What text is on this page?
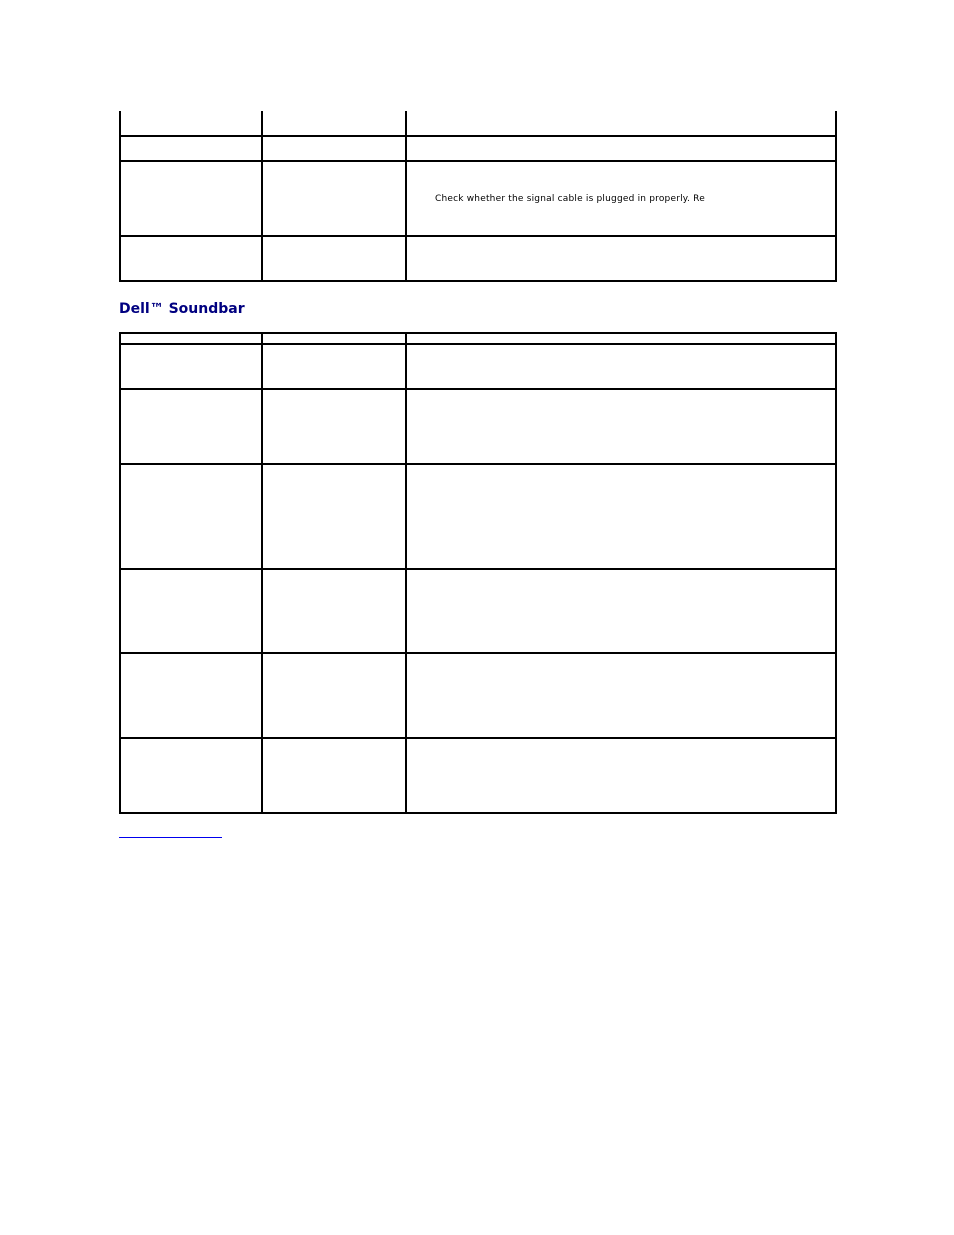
		Check whether the signal cable is plugged in properly. Re

Dell™ Soundbar
